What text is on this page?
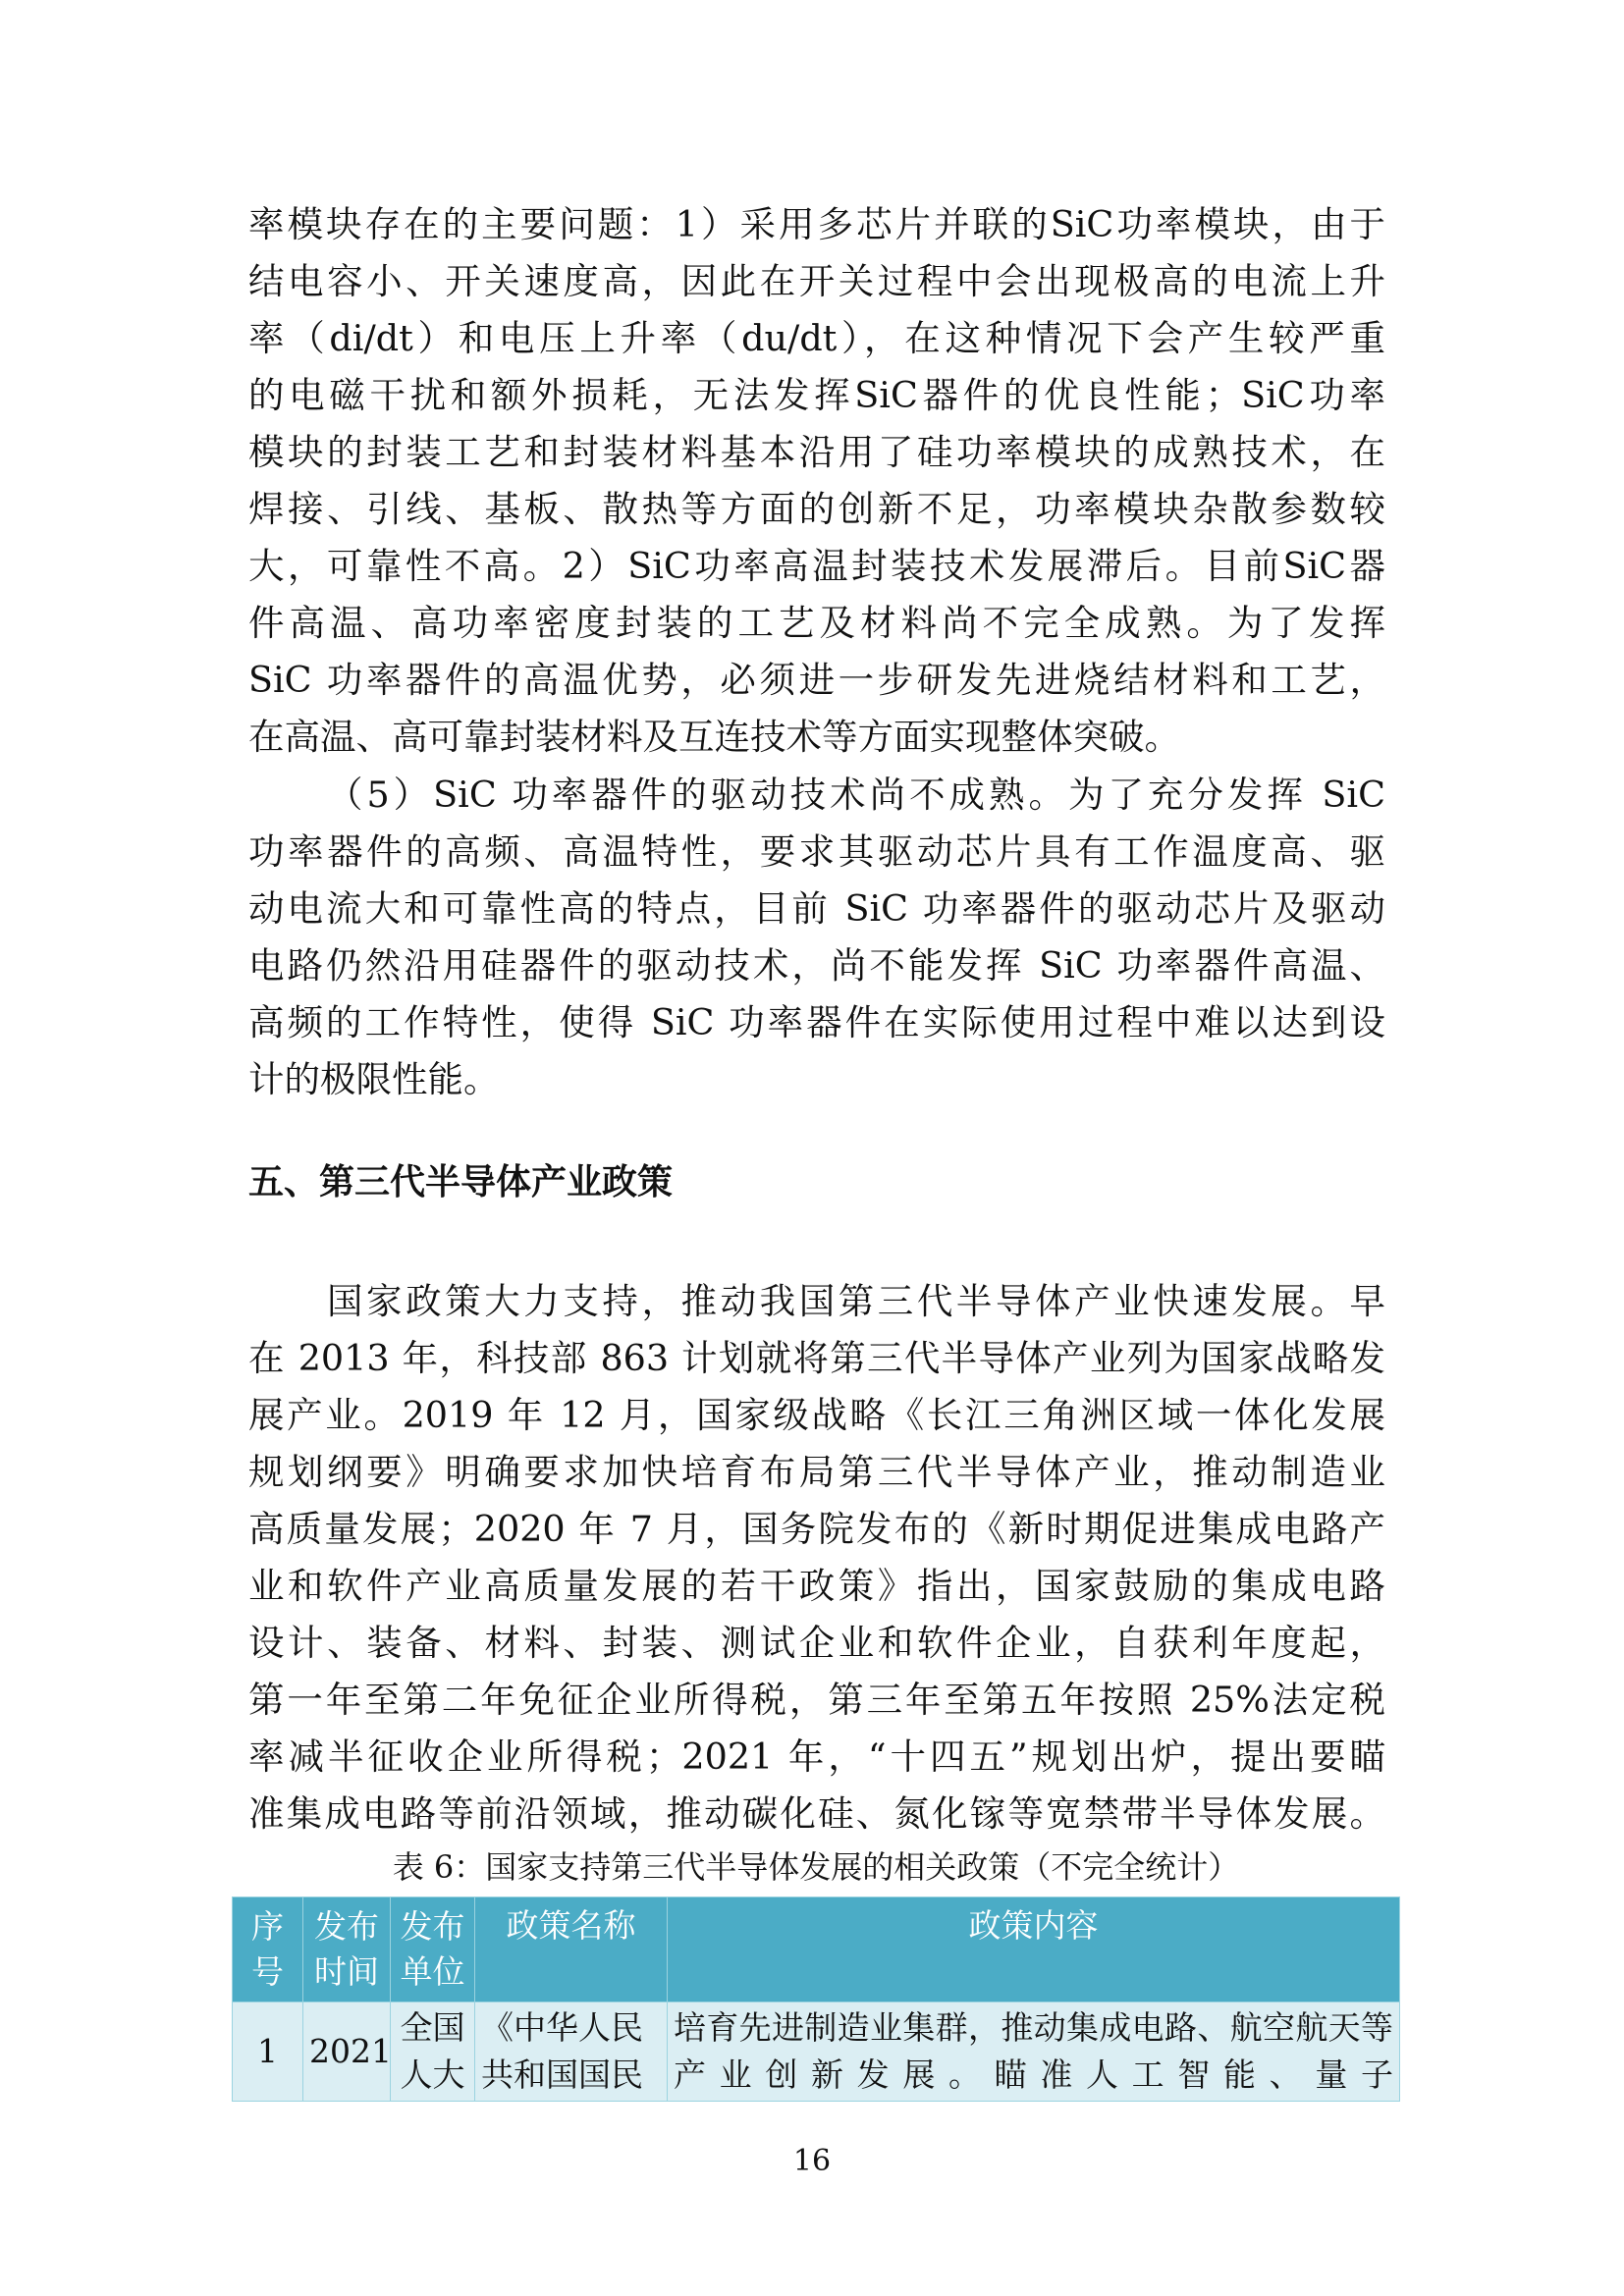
率模块存在的主要问题：1）采用多芯片并联的SiC功率模块，由于
结电容小、开关速度高，因此在开关过程中会出现极高的电流上升
率（di/dt）和电压上升率（du/dt），在这种情况下会产生较严重
的电磁干扰和额外损耗，无法发挥SiC器件的优良性能；SiC功率
模块的封装工艺和封装材料基本沿用了硅功率模块的成熟技术，在
焊接、引线、基板、散热等方面的创新不足，功率模块杂散参数较
大，可靠性不高。2）SiC功率高温封装技术发展滞后。目前SiC器
件高温、高功率密度封装的工艺及材料尚不完全成熟。为了发挥
SiC 功率器件的高温优势，必须进一步研发先进烧结材料和工艺，
在高温、高可靠封装材料及互连技术等方面实现整体突破。
（5）SiC 功率器件的驱动技术尚不成熟。为了充分发挥 SiC
功率器件的高频、高温特性，要求其驱动芯片具有工作温度高、驱
动电流大和可靠性高的特点，目前 SiC 功率器件的驱动芯片及驱动
电路仍然沿用硅器件的驱动技术，尚不能发挥 SiC 功率器件高温、
高频的工作特性，使得 SiC 功率器件在实际使用过程中难以达到设
计的极限性能。
五、第三代半导体产业政策
国家政策大力支持，推动我国第三代半导体产业快速发展。早
在 2013 年，科技部 863 计划就将第三代半导体产业列为国家战略发
展产业。2019 年 12 月，国家级战略《长江三角洲区域一体化发展
规划纲要》明确要求加快培育布局第三代半导体产业，推动制造业
高质量发展；2020 年 7 月，国务院发布的《新时期促进集成电路产
业和软件产业高质量发展的若干政策》指出，国家鼓励的集成电路
设计、装备、材料、封装、测试企业和软件企业，自获利年度起，
第一年至第二年免征企业所得税，第三年至第五年按照 25%法定税
率减半征收企业所得税；2021 年，“十四五”规划出炉，提出要瞄
准集成电路等前沿领域，推动碳化硅、氮化镓等宽禁带半导体发展。
表 6：国家支持第三代半导体发展的相关政策（不完全统计）
序号	发布时间	发布单位	政策名称	政策内容
1	2021	全国人大	《中华人民共和国国民	培育先进制造业集群，推动集成电路、航空航天等产业创新发展。瞄准人工智能、量子
16
